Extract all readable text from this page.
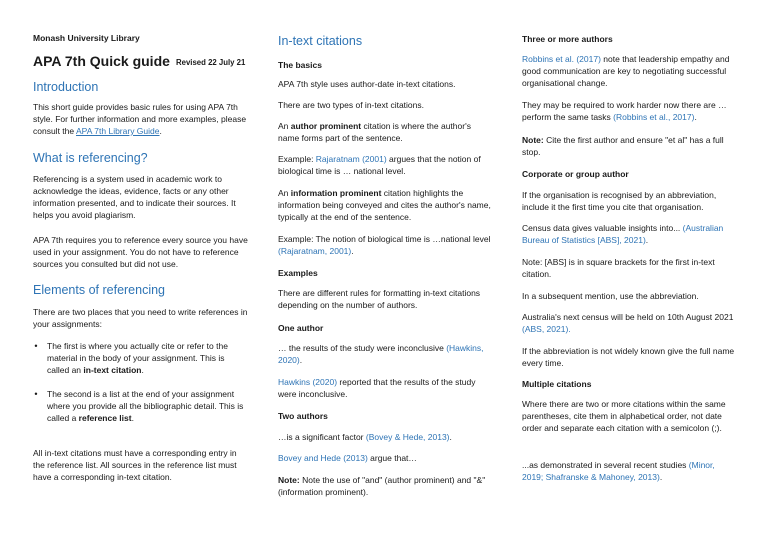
Monash University Library
APA 7th Quick guide Revised 22 July 21
Introduction
This short guide provides basic rules for using APA 7th style. For further information and more examples, please consult the APA 7th Library Guide.
What is referencing?
Referencing is a system used in academic work to acknowledge the ideas, evidence, facts or any other information presented, and to indicate their sources. It helps you avoid plagiarism.
APA 7th requires you to reference every source you have used in your assignment. You do not have to reference sources you consulted but did not use.
Elements of referencing
There are two places that you need to write references in your assignments:
• The first is where you actually cite or refer to the material in the body of your assignment. This is called an in-text citation.
• The second is a list at the end of your assignment where you provide all the bibliographic detail. This is called a reference list.
All in-text citations must have a corresponding entry in the reference list. All sources in the reference list must have a corresponding in-text citation.
In-text citations
The basics
APA 7th style uses author-date in-text citations.
There are two types of in-text citations.
An author prominent citation is where the author's name forms part of the sentence.
Example: Rajaratnam (2001) argues that the notion of biological time is … national level.
An information prominent citation highlights the information being conveyed and cites the author's name, typically at the end of the sentence.
Example: The notion of biological time is …national level (Rajaratnam, 2001).
Examples
There are different rules for formatting in-text citations depending on the number of authors.
One author
… the results of the study were inconclusive (Hawkins, 2020).
Hawkins (2020) reported that the results of the study were inconclusive.
Two authors
…is a significant factor (Bovey & Hede, 2013).
Bovey and Hede (2013) argue that…
Note: Note the use of "and" (author prominent) and "&" (information prominent).
Three or more authors
Robbins et al. (2017) note that leadership empathy and good communication are key to negotiating successful organisational change.
They may be required to work harder now there are … perform the same tasks (Robbins et al., 2017).
Note: Cite the first author and ensure "et al" has a full stop.
Corporate or group author
If the organisation is recognised by an abbreviation, include it the first time you cite that organisation.
Census data gives valuable insights into... (Australian Bureau of Statistics [ABS], 2021).
Note: [ABS] is in square brackets for the first in-text citation.
In a subsequent mention, use the abbreviation.
Australia's next census will be held on 10th August 2021 (ABS, 2021).
If the abbreviation is not widely known give the full name every time.
Multiple citations
Where there are two or more citations within the same parentheses, cite them in alphabetical order, not date order and separate each citation with a semicolon (;).
...as demonstrated in several recent studies (Minor, 2019; Shafranske & Mahoney, 2013).
